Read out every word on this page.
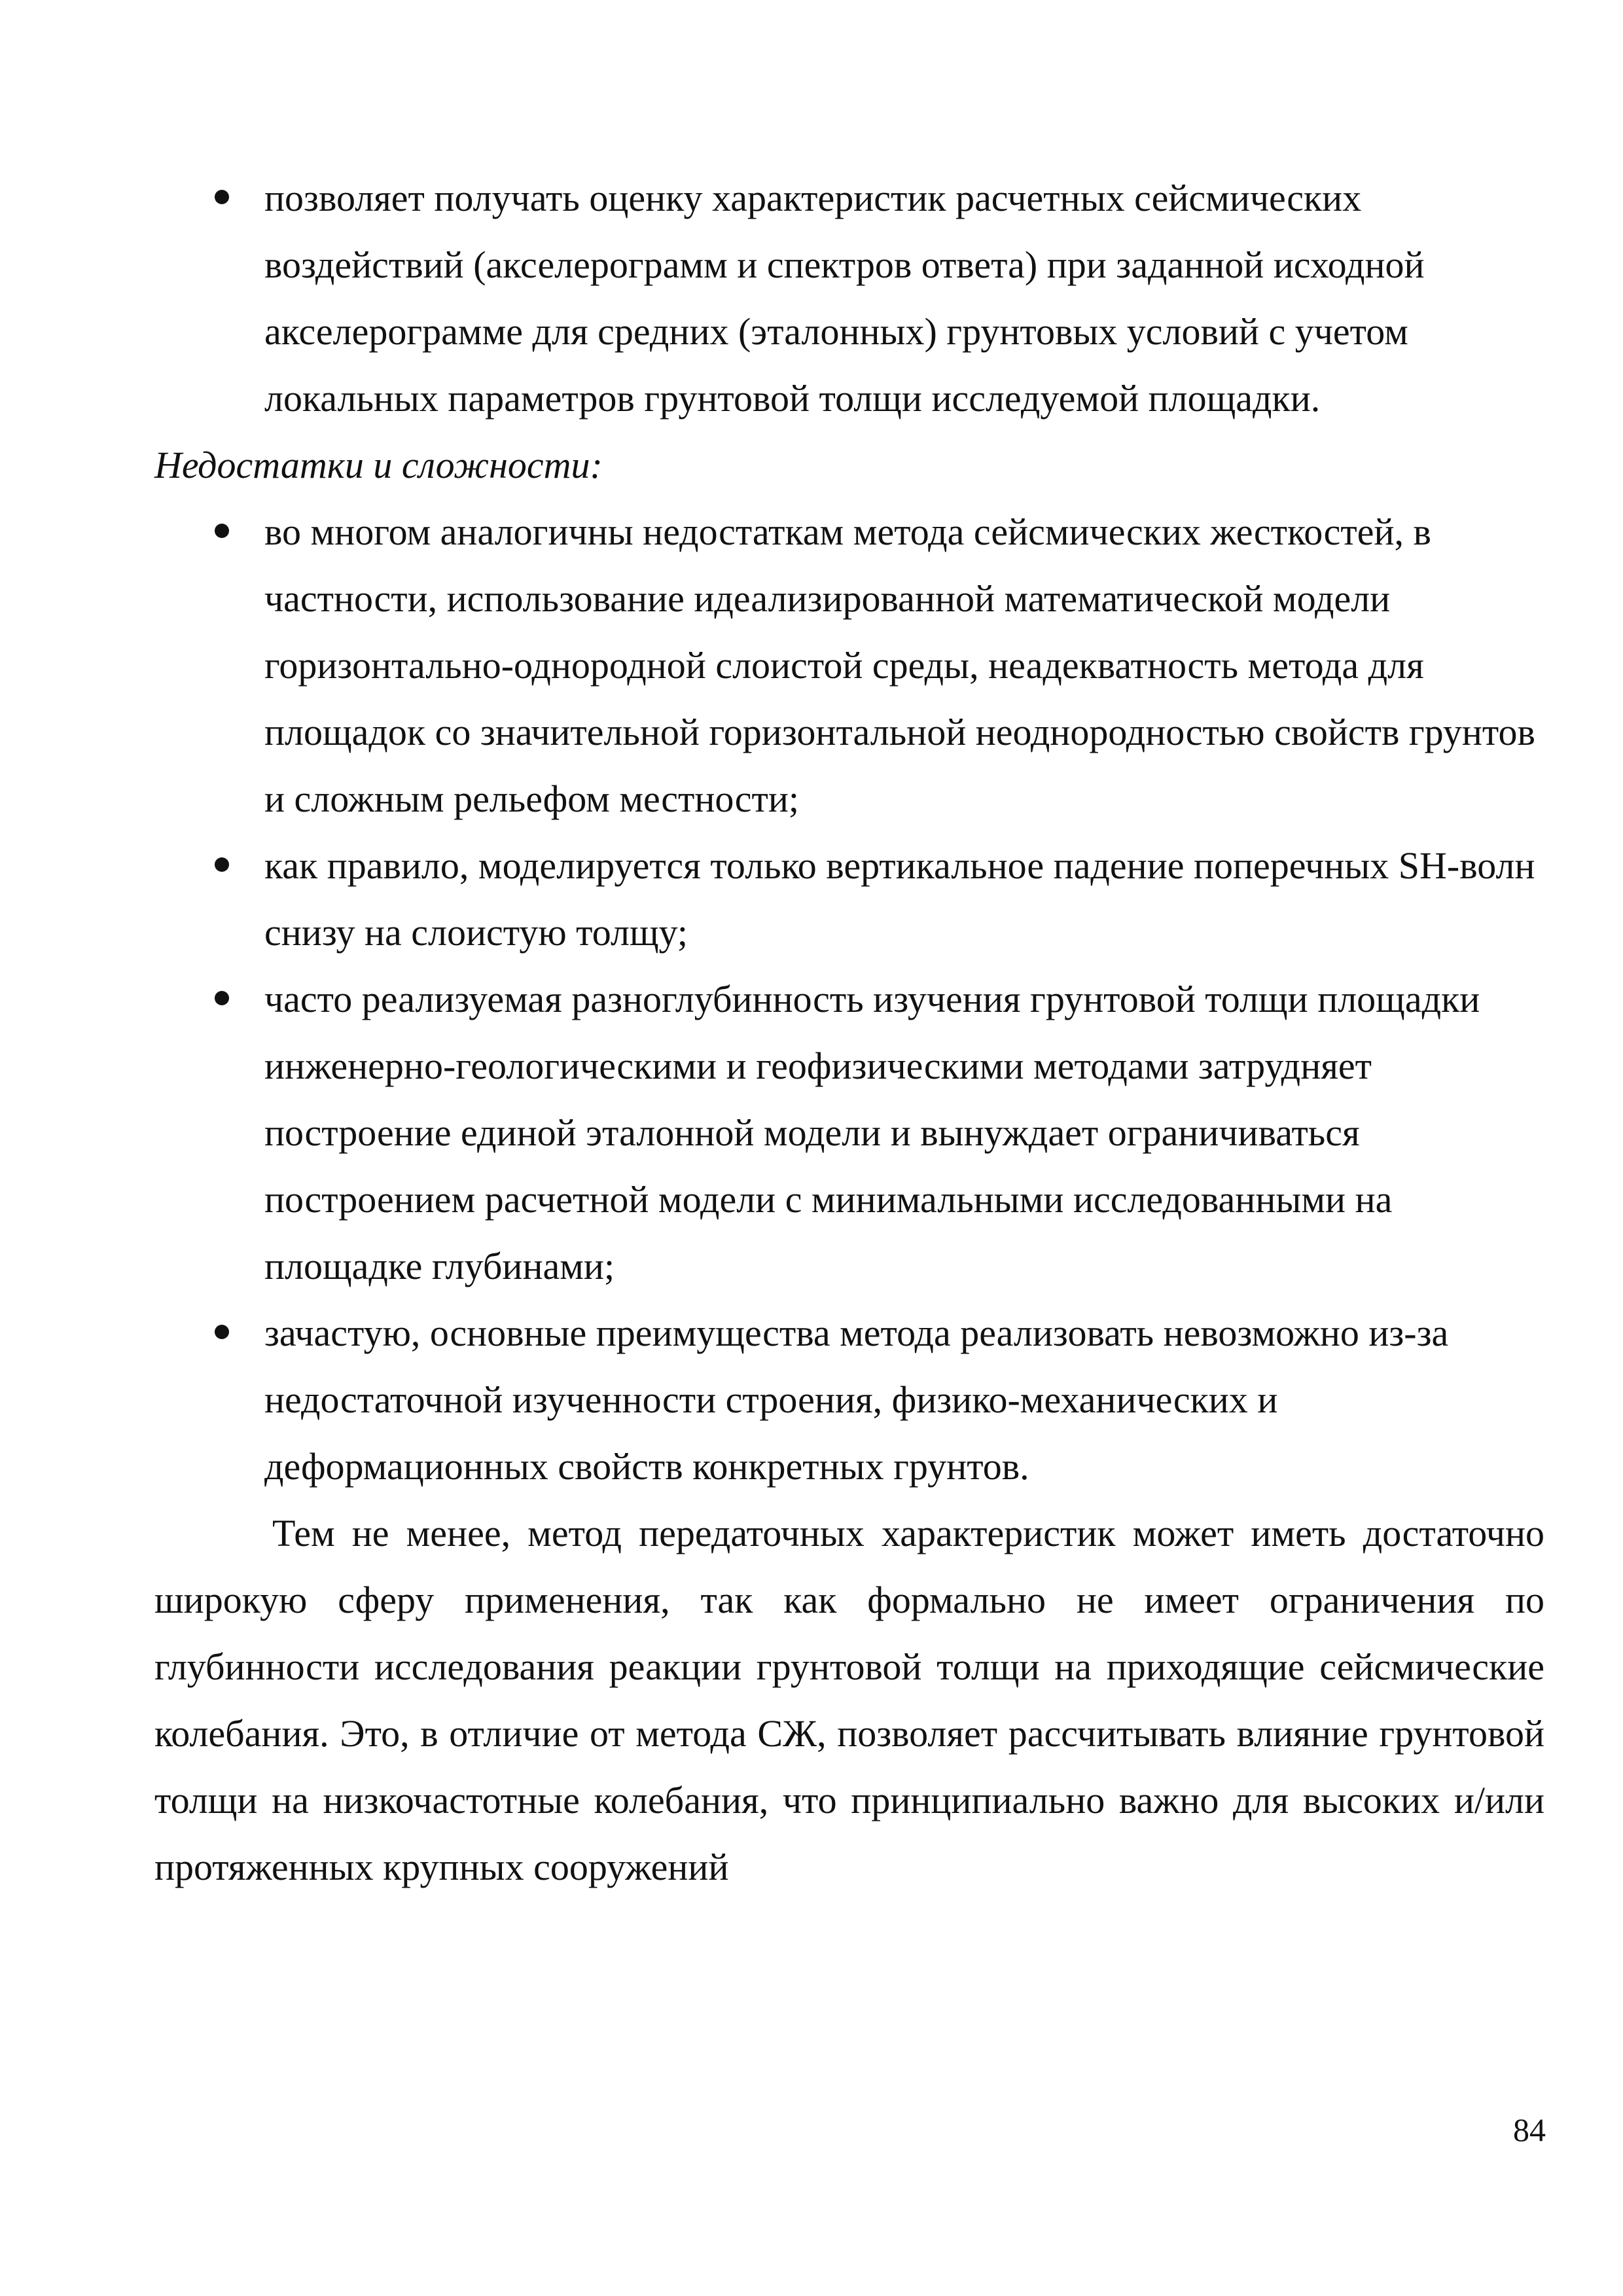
позволяет получать оценку характеристик расчетных сейсмических воздействий (акселерограмм и спектров ответа) при заданной исходной акселерограмме для средних (эталонных) грунтовых условий с учетом локальных параметров грунтовой толщи исследуемой площадки.

Недостатки и сложности:

во многом аналогичны недостаткам метода сейсмических жесткостей, в частности, использование идеализированной математической модели горизонтально-однородной слоистой среды, неадекватность метода для площадок со значительной горизонтальной неоднородностью свойств грунтов и сложным рельефом местности;
как правило, моделируется только вертикальное падение поперечных SH-волн снизу на слоистую толщу;
часто реализуемая разноглубинность изучения грунтовой толщи площадки инженерно-геологическими и геофизическими методами затрудняет построение единой эталонной модели и вынуждает ограничиваться построением расчетной модели с минимальными исследованными на площадке глубинами;
зачастую, основные преимущества метода реализовать невозможно из-за недостаточной изученности строения, физико-механических и деформационных свойств конкретных грунтов.

Тем не менее, метод передаточных характеристик может иметь достаточно широкую сферу применения, так как формально не имеет ограничения по глубинности исследования реакции грунтовой толщи на приходящие сейсмические колебания. Это, в отличие от метода СЖ, позволяет рассчитывать влияние грунтовой толщи на низкочастотные колебания, что принципиально важно для высоких и/или протяженных крупных сооружений

84
